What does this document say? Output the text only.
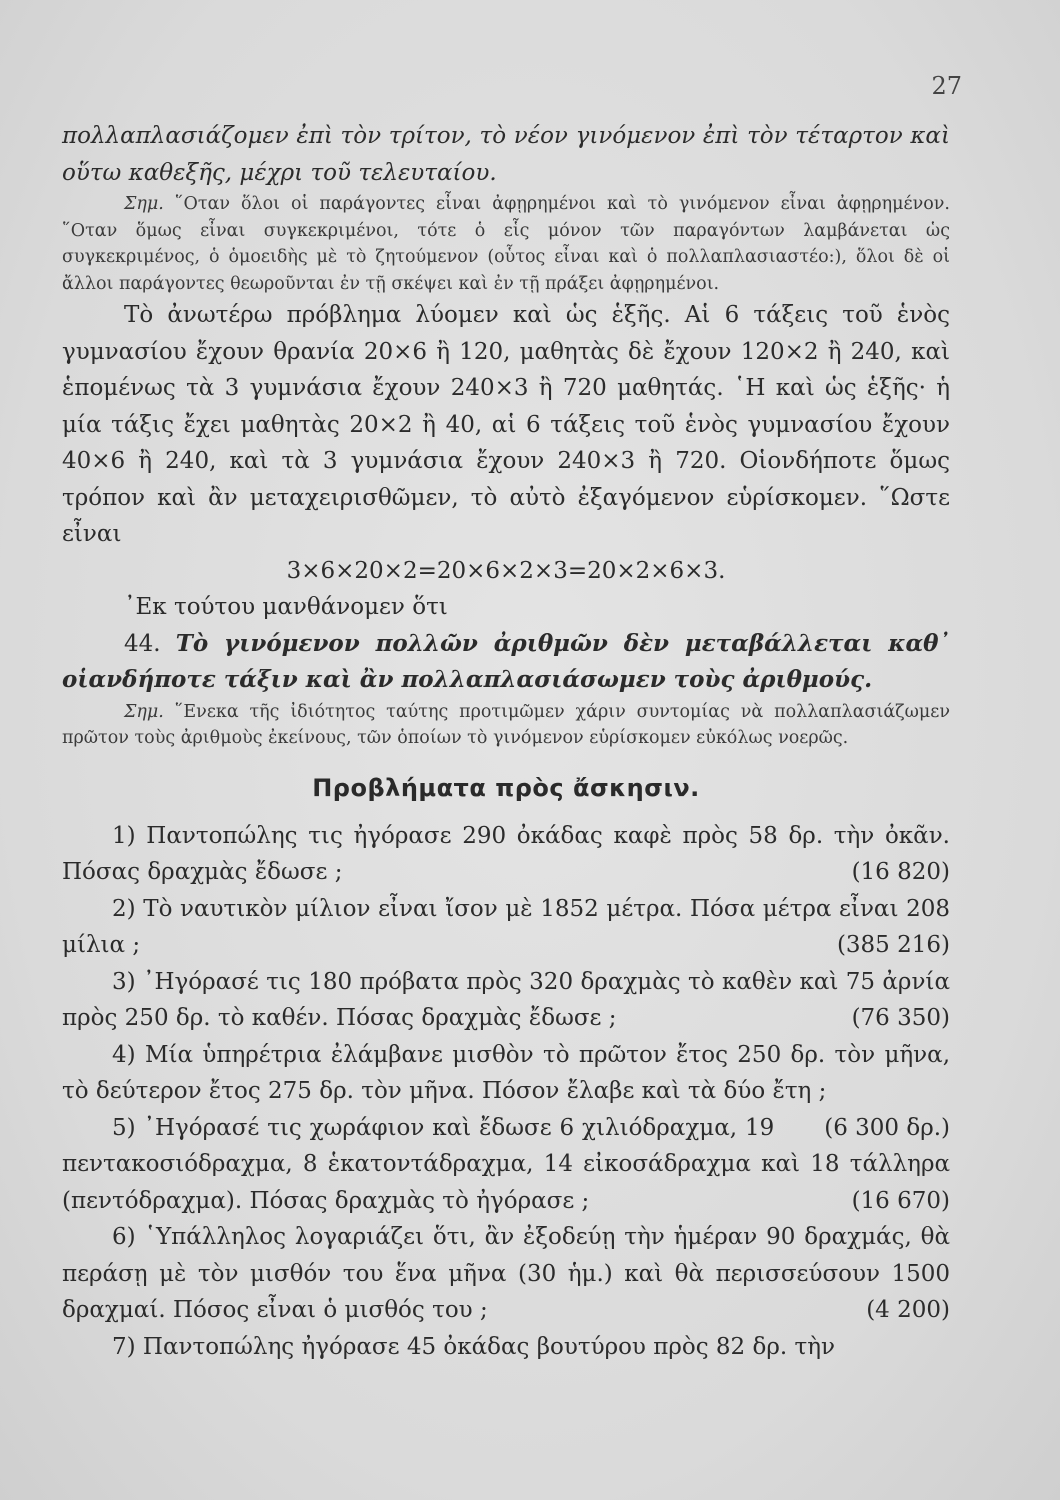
27

πολλαπλασιάζομεν ἐπὶ τὸν τρίτον, τὸ νέον γινόμενον ἐπὶ τὸν τέταρτον καὶ οὕτω καθεξῆς, μέχρι τοῦ τελευταίου.

Σημ. ῞Οταν ὅλοι οἱ παράγοντες εἶναι ἀφῃρημένοι καὶ τὸ γινόμενον εἶναι ἀφῃρημένον. ῞Οταν ὅμως εἶναι συγκεκριμένοι, τότε ὁ εἷς μόνον τῶν παραγόντων λαμβάνεται ὡς συγκεκριμένος, ὁ ὁμοειδὴς μὲ τὸ ζητούμενον (οὗτος εἶναι καὶ ὁ πολλαπλασιαστέο:), ὅλοι δὲ οἱ ἄλλοι παράγοντες θεωροῦνται ἐν τῇ σκέψει καὶ ἐν τῇ πράξει ἀφῃρημένοι.

Τὸ ἀνωτέρω πρόβλημα λύομεν καὶ ὡς ἑξῆς. Αἱ 6 τάξεις τοῦ ἑνὸς γυμνασίου ἔχουν θρανία 20×6 ἢ 120, μαθητὰς δὲ ἔχουν 120×2 ἢ 240, καὶ ἑπομένως τὰ 3 γυμνάσια ἔχουν 240×3 ἢ 720 μαθητάς. ῾Η καὶ ὡς ἑξῆς· ἡ μία τάξις ἔχει μαθητὰς 20×2 ἢ 40, αἱ 6 τάξεις τοῦ ἑνὸς γυμνασίου ἔχουν 40×6 ἢ 240, καὶ τὰ 3 γυμνάσια ἔχουν 240×3 ἢ 720. Οἱονδήποτε ὅμως τρόπον καὶ ἂν μεταχειρισθῶμεν, τὸ αὐτὸ ἐξαγόμενον εὑρίσκομεν. ῞Ωστε εἶναι

3×6×20×2=20×6×2×3=20×2×6×3.

᾿Εκ τούτου μανθάνομεν ὅτι

44. Τὸ γινόμενον πολλῶν ἀριθμῶν δὲν μεταβάλλεται καθ᾿ οἱανδήποτε τάξιν καὶ ἂν πολλαπλασιάσωμεν τοὺς ἀριθμούς.

Σημ. ῞Ενεκα τῆς ἰδιότητος ταύτης προτιμῶμεν χάριν συντομίας νὰ πολλαπλασιάζωμεν πρῶτον τοὺς ἀριθμοὺς ἐκείνους, τῶν ὁποίων τὸ γινόμενον εὑρίσκομεν εὐκόλως νοερῶς.

Προβλήματα πρὸς ἄσκησιν.

1) Παντοπώλης τις ἠγόρασε 290 ὀκάδας καφὲ πρὸς 58 δρ. τὴν ὀκᾶν. Πόσας δραχμὰς ἔδωσε ;	(16 820)

2) Τὸ ναυτικὸν μίλιον εἶναι ἴσον μὲ 1852 μέτρα. Πόσα μέτρα εἶναι 208 μίλια ;	(385 216)

3) ᾿Ηγόρασέ τις 180 πρόβατα πρὸς 320 δραχμὰς τὸ καθὲν καὶ 75 ἀρνία πρὸς 250 δρ. τὸ καθέν. Πόσας δραχμὰς ἔδωσε ;	(76 350)

4) Μία ὑπηρέτρια ἐλάμβανε μισθὸν τὸ πρῶτον ἔτος 250 δρ. τὸν μῆνα, τὸ δεύτερον ἔτος 275 δρ. τὸν μῆνα. Πόσον ἔλαβε καὶ τὰ δύο ἔτη ;
(6 300 δρ.)

5) ᾿Ηγόρασέ τις χωράφιον καὶ ἔδωσε 6 χιλιόδραχμα, 19 πεντακοσιόδραχμα, 8 ἑκατοντάδραχμα, 14 εἰκοσάδραχμα καὶ 18 τάλληρα (πεντόδραχμα). Πόσας δραχμὰς τὸ ἠγόρασε ;	(16 670)

6) ῾Υπάλληλος λογαριάζει ὅτι, ἂν ἐξοδεύῃ τὴν ἡμέραν 90 δραχμάς, θὰ περάσῃ μὲ τὸν μισθόν του ἕνα μῆνα (30 ἡμ.) καὶ θὰ περισσεύσουν 1500 δραχμαί. Πόσος εἶναι ὁ μισθός του ;	(4 200)

7) Παντοπώλης ἠγόρασε 45 ὀκάδας βουτύρου πρὸς 82 δρ. τὴν
